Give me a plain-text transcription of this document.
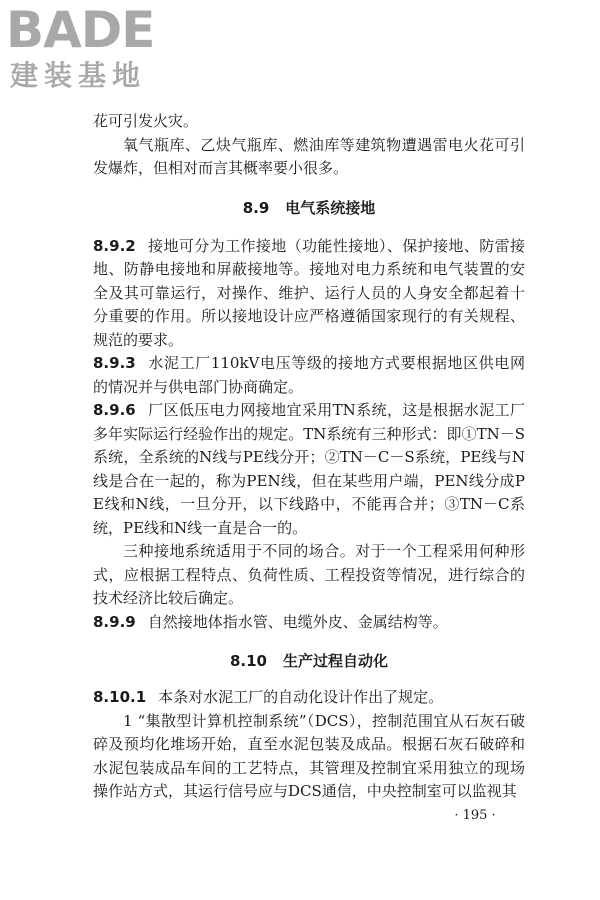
BADE
建装基地

花可引发火灾。

氧气瓶库、乙炔气瓶库、燃油库等建筑物遭遇雷电火花可引发爆炸，但相对而言其概率要小很多。

8.9 电气系统接地

8.9.2 接地可分为工作接地（功能性接地）、保护接地、防雷接地、防静电接地和屏蔽接地等。接地对电力系统和电气装置的安全及其可靠运行，对操作、维护、运行人员的人身安全都起着十分重要的作用。所以接地设计应严格遵循国家现行的有关规程、规范的要求。

8.9.3 水泥工厂110kV电压等级的接地方式要根据地区供电网的情况并与供电部门协商确定。

8.9.6 厂区低压电力网接地宜采用TN系统，这是根据水泥工厂多年实际运行经验作出的规定。TN系统有三种形式：即①TN－S系统，全系统的N线与PE线分开；②TN－C－S系统，PE线与N线是合在一起的，称为PEN线，但在某些用户端，PEN线分成PE线和N线，一旦分开，以下线路中，不能再合并；③TN－C系统，PE线和N线一直是合一的。

三种接地系统适用于不同的场合。对于一个工程采用何种形式，应根据工程特点、负荷性质、工程投资等情况，进行综合的技术经济比较后确定。

8.9.9 自然接地体指水管、电缆外皮、金属结构等。

8.10 生产过程自动化

8.10.1 本条对水泥工厂的自动化设计作出了规定。

1 “集散型计算机控制系统”（DCS），控制范围宜从石灰石破碎及预均化堆场开始，直至水泥包装及成品。根据石灰石破碎和水泥包装成品车间的工艺特点，其管理及控制宜采用独立的现场操作站方式，其运行信号应与DCS通信，中央控制室可以监视其

· 195 ·
